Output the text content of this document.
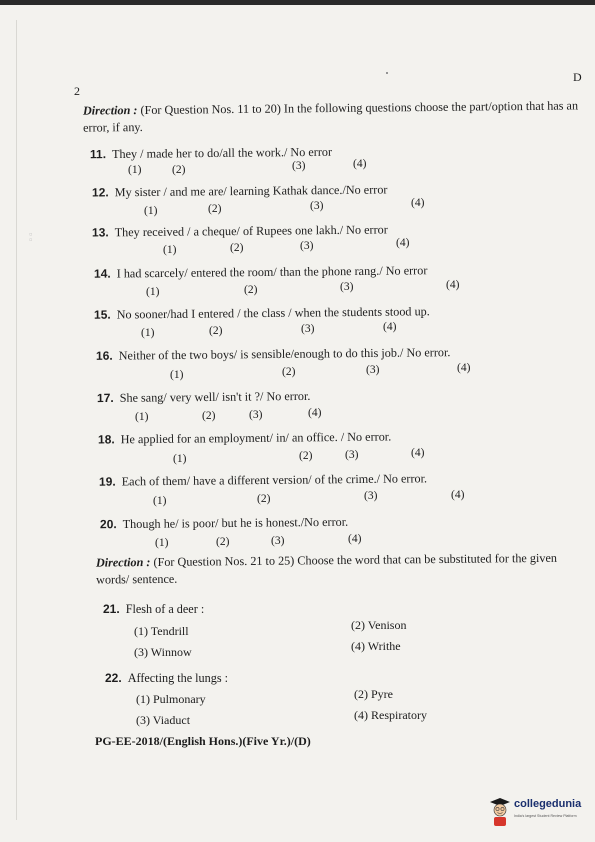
▫ ▫
2
D
Direction : (For Question Nos. 11 to 20) In the following questions choose the part/option that has an error, if any.
11. They / made her to do/all the work./ No error
(1)	(2)	(3)	(4)
12. My sister / and me are/ learning Kathak dance./No error
(1)	(2)	(3)	(4)
13. They received / a cheque/ of Rupees one lakh./ No error
(1)	(2)	(3)	(4)
14. I had scarcely/ entered the room/ than the phone rang./ No error
(1)	(2)	(3)	(4)
15. No sooner/had I entered / the class / when the students stood up.
(1)	(2)	(3)	(4)
16. Neither of the two boys/ is sensible/enough to do this job./ No error.
(1)	(2)	(3)	(4)
17. She sang/ very well/ isn't it ?/ No error.
(1)	(2)	(3)	(4)
18. He applied for an employment/ in/ an office. / No error.
(1)	(2)	(3)	(4)
19. Each of them/ have a different version/ of the crime./ No error.
(1)	(2)	(3)	(4)
20. Though he/ is poor/ but he is honest./No error.
(1)	(2)	(3)	(4)
Direction : (For Question Nos. 21 to 25) Choose the word that can be substituted for the given words/ sentence.
21. Flesh of a deer :
(1) Tendrill	(2) Venison
(3) Winnow	(4) Writhe
22. Affecting the lungs :
(1) Pulmonary	(2) Pyre
(3) Viaduct	(4) Respiratory
PG-EE-2018/(English Hons.)(Five Yr.)/(D)
collegedunia
India's largest Student Review Platform
